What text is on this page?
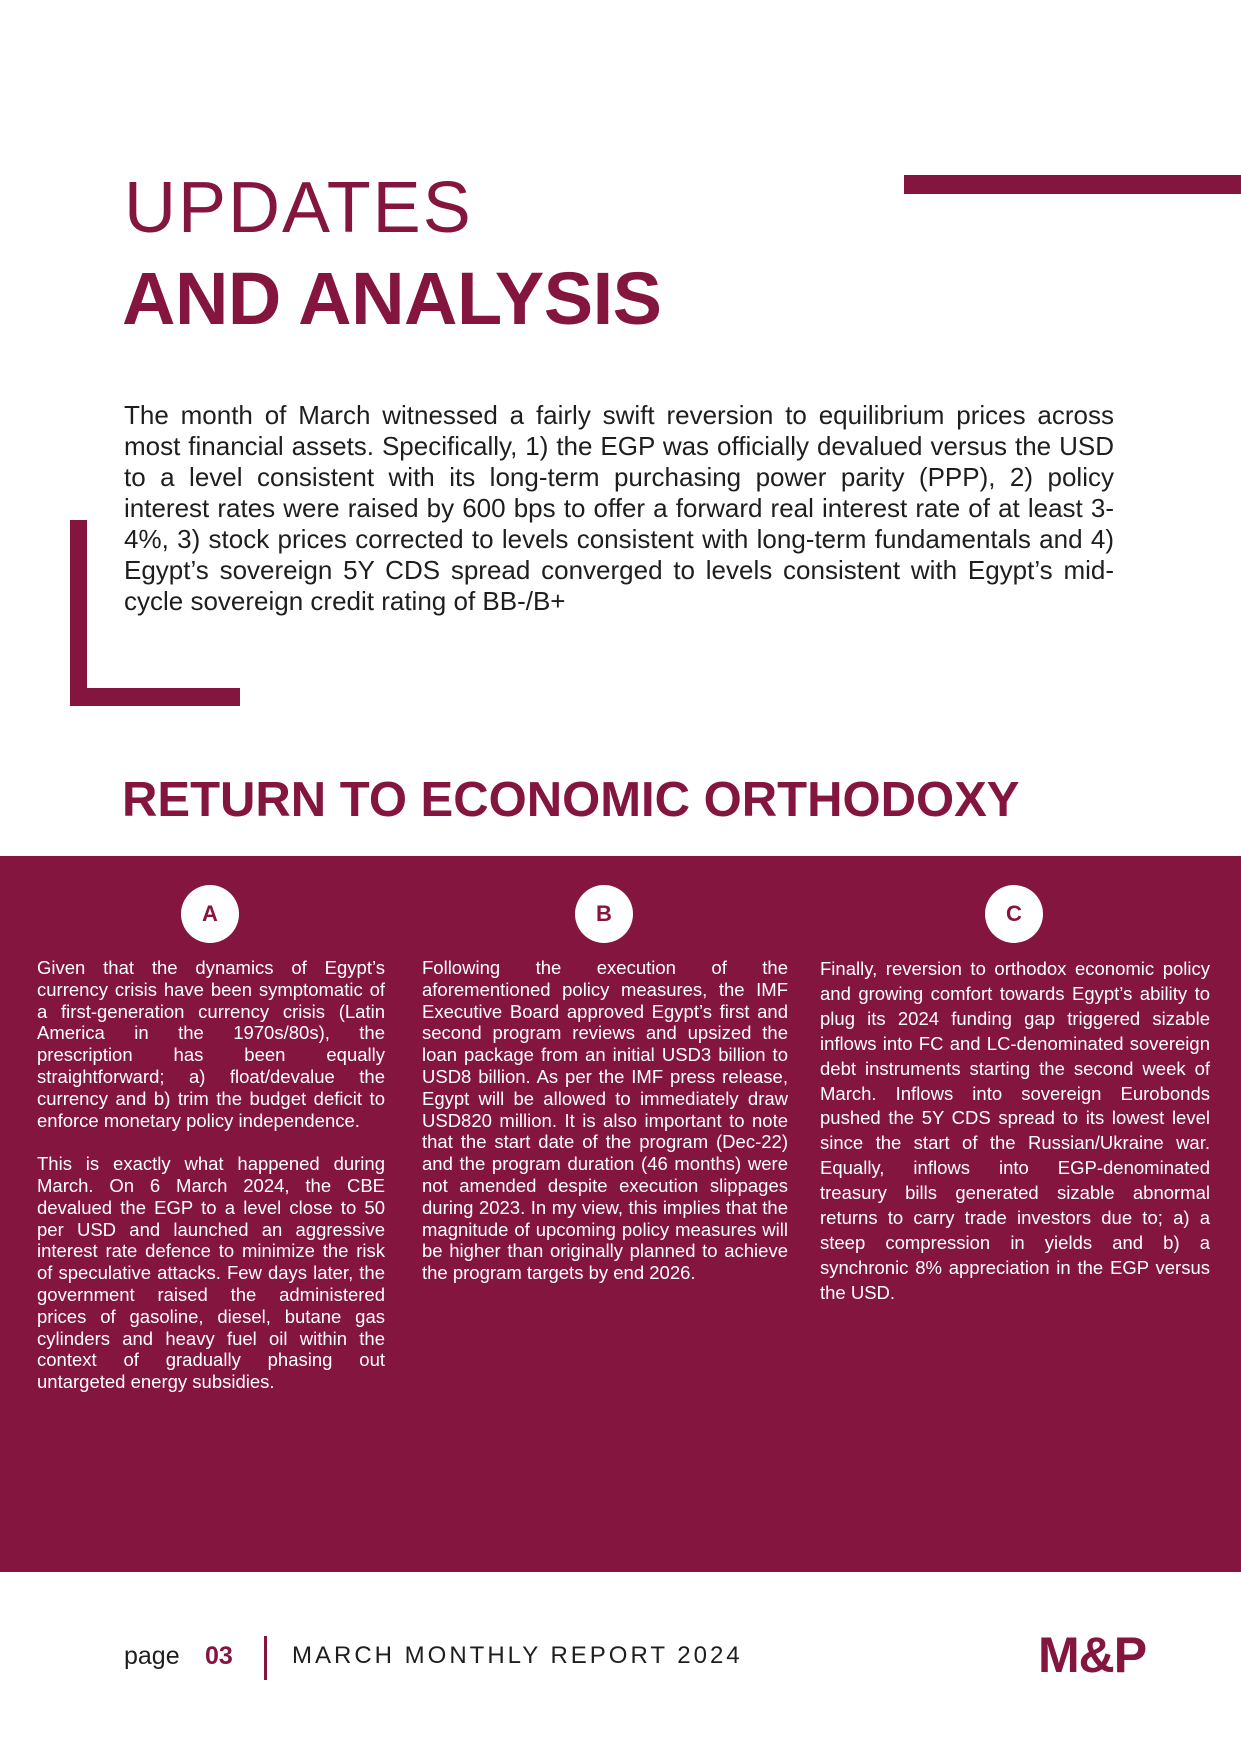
UPDATES
AND ANALYSIS

The month of March witnessed a fairly swift reversion to equilibrium prices across most financial assets. Specifically, 1) the EGP was officially devalued versus the USD to a level consistent with its long-term purchasing power parity (PPP), 2) policy interest rates were raised by 600 bps to offer a forward real interest rate of at least 3-4%, 3) stock prices corrected to levels consistent with long-term fundamentals and 4) Egypt’s sovereign 5Y CDS spread converged to levels consistent with Egypt’s mid-cycle sovereign credit rating of BB-/B+

RETURN TO ECONOMIC ORTHODOXY
A	B	C

Given that the dynamics of Egypt’s currency crisis have been symptomatic of a first-generation currency crisis (Latin America in the 1970s/80s), the prescription has been equally straightforward; a) float/devalue the currency and b) trim the budget deficit to enforce monetary policy independence.

This is exactly what happened during March. On 6 March 2024, the CBE devalued the EGP to a level close to 50 per USD and launched an aggressive interest rate defence to minimize the risk of speculative attacks. Few days later, the government raised the administered prices of gasoline, diesel, butane gas cylinders and heavy fuel oil within the context of gradually phasing out untargeted energy subsidies.

Following the execution of the aforementioned policy measures, the IMF Executive Board approved Egypt’s first and second program reviews and upsized the loan package from an initial USD3 billion to USD8 billion. As per the IMF press release, Egypt will be allowed to immediately draw USD820 million. It is also important to note that the start date of the program (Dec-22) and the program duration (46 months) were not amended despite execution slippages during 2023. In my view, this implies that the magnitude of upcoming policy measures will be higher than originally planned to achieve the program targets by end 2026.

Finally, reversion to orthodox economic policy and growing comfort towards Egypt’s ability to plug its 2024 funding gap triggered sizable inflows into FC and LC-denominated sovereign debt instruments starting the second week of March. Inflows into sovereign Eurobonds pushed the 5Y CDS spread to its lowest level since the start of the Russian/Ukraine war. Equally, inflows into EGP-denominated treasury bills generated sizable abnormal returns to carry trade investors due to; a) a steep compression in yields and b) a synchronic 8% appreciation in the EGP versus the USD.

page 03 MARCH MONTHLY REPORT 2024	M&P
